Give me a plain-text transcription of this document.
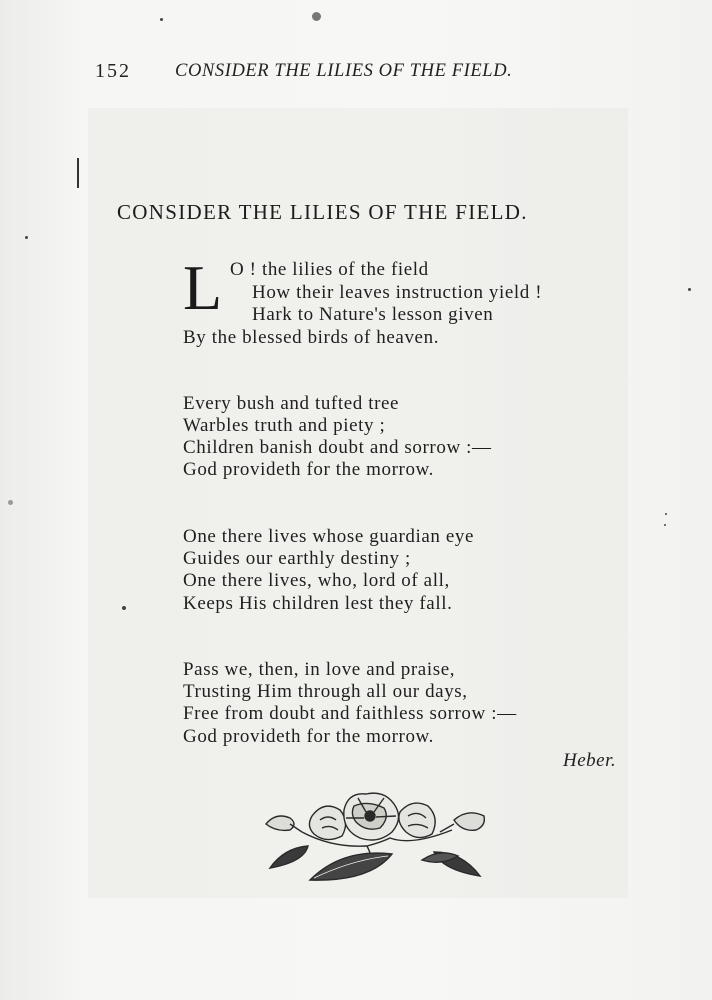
152 CONSIDER THE LILIES OF THE FIELD.
CONSIDER THE LILIES OF THE FIELD.
L O ! the lilies of the field
How their leaves instruction yield !
Hark to Nature's lesson given
By the blessed birds of heaven.
Every bush and tufted tree
Warbles truth and piety ;
Children banish doubt and sorrow :—
God provideth for the morrow.
One there lives whose guardian eye
Guides our earthly destiny ;
One there lives, who, lord of all,
Keeps His children lest they fall.
Pass we, then, in love and praise,
Trusting Him through all our days,
Free from doubt and faithless sorrow :—
God provideth for the morrow.
Heber.
